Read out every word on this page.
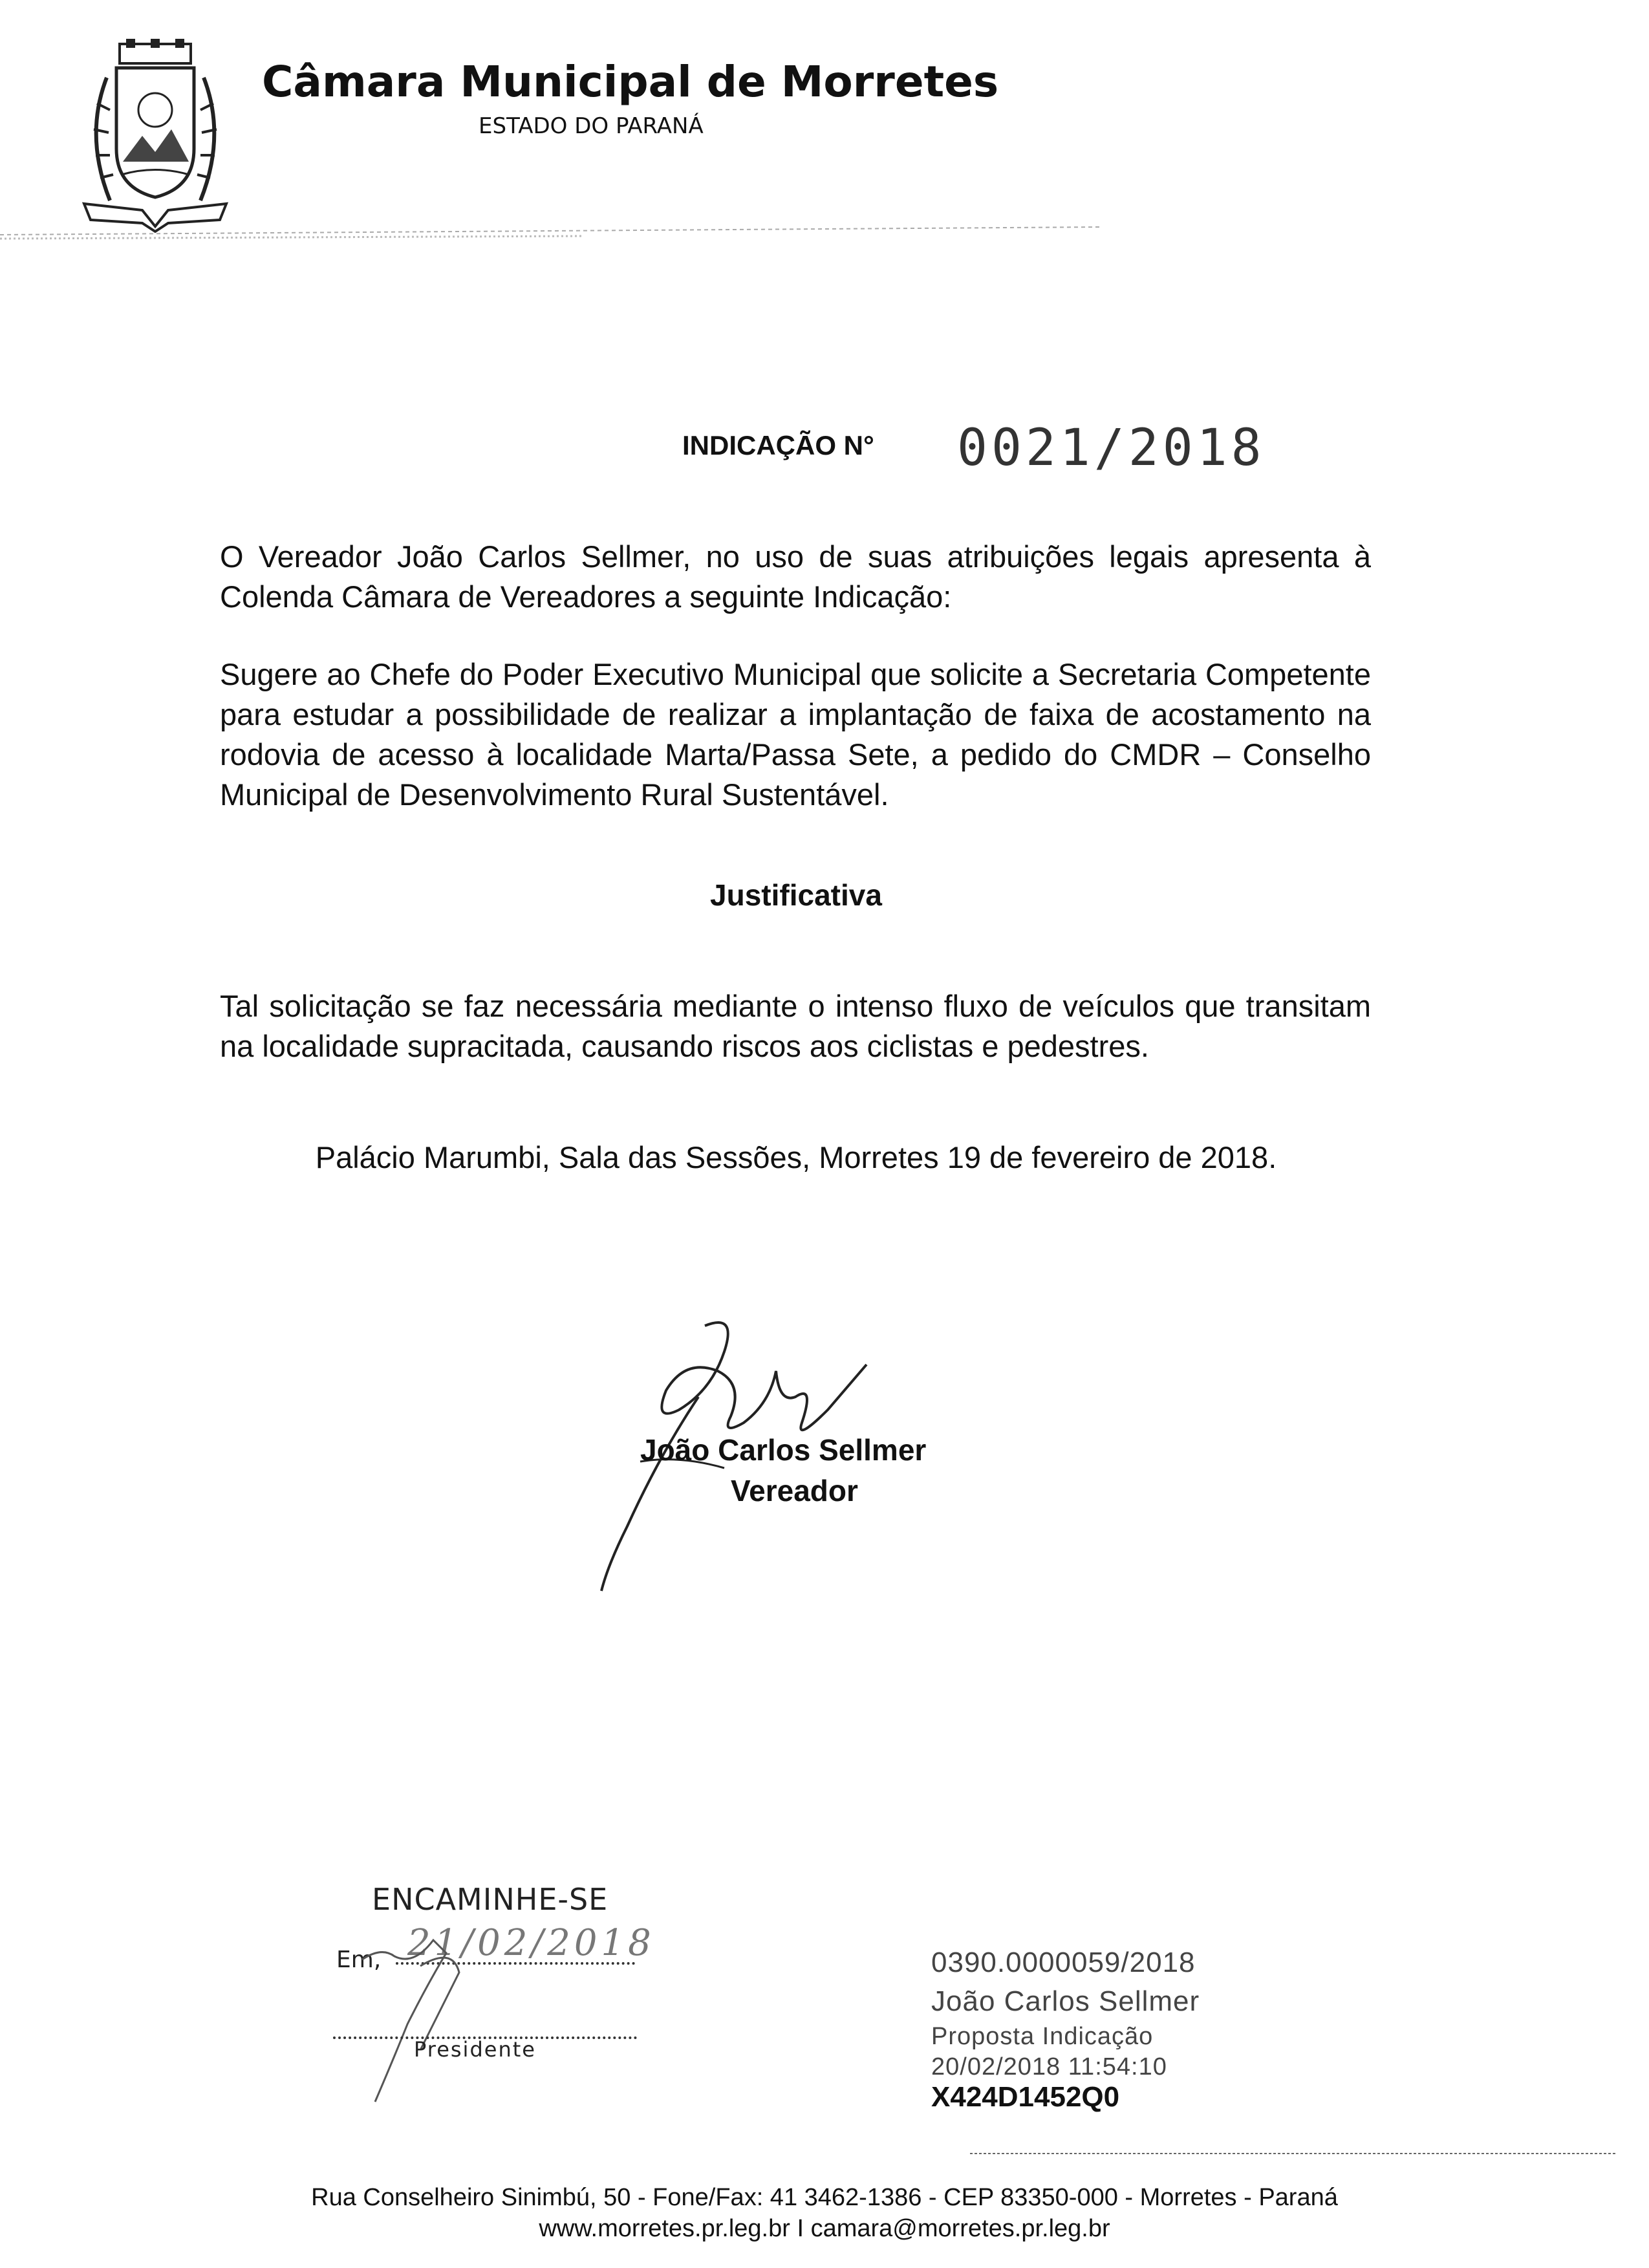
Câmara Municipal de Morretes
ESTADO DO PARANÁ
INDICAÇÃO N° 0021/2018
O Vereador João Carlos Sellmer, no uso de suas atribuições legais apresenta à Colenda Câmara de Vereadores a seguinte Indicação:
Sugere ao Chefe do Poder Executivo Municipal que solicite a Secretaria Competente para estudar a possibilidade de realizar a implantação de faixa de acostamento na rodovia de acesso à localidade Marta/Passa Sete, a pedido do CMDR – Conselho Municipal de Desenvolvimento Rural Sustentável.
Justificativa
Tal solicitação se faz necessária mediante o intenso fluxo de veículos que transitam na localidade supracitada, causando riscos aos ciclistas e pedestres.
Palácio Marumbi, Sala das Sessões, Morretes 19 de fevereiro de 2018.
João Carlos Sellmer
Vereador
ENCAMINHE-SE
Em, 21/02/2018
Presidente
0390.0000059/2018
João Carlos Sellmer
Proposta Indicação
20/02/2018 11:54:10
X424D1452Q0
Rua Conselheiro Sinimbú, 50 - Fone/Fax: 41 3462-1386 - CEP 83350-000 - Morretes - Paraná
www.morretes.pr.leg.br I camara@morretes.pr.leg.br
